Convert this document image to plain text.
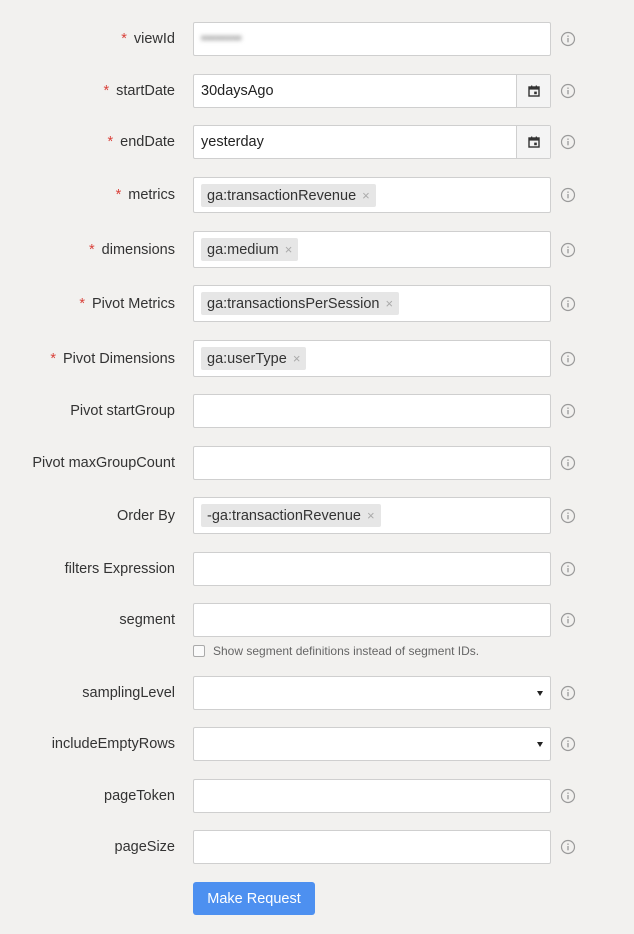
* viewId ••••••••
* startDate 30daysAgo
* endDate yesterday
* metrics ga:transactionRevenue ×
* dimensions ga:medium ×
* Pivot Metrics ga:transactionsPerSession ×
* Pivot Dimensions ga:userType ×
Pivot startGroup
Pivot maxGroupCount
Order By -ga:transactionRevenue ×
filters Expression
segment
Show segment definitions instead of segment IDs.
samplingLevel
includeEmptyRows
pageToken
pageSize
Make Request
